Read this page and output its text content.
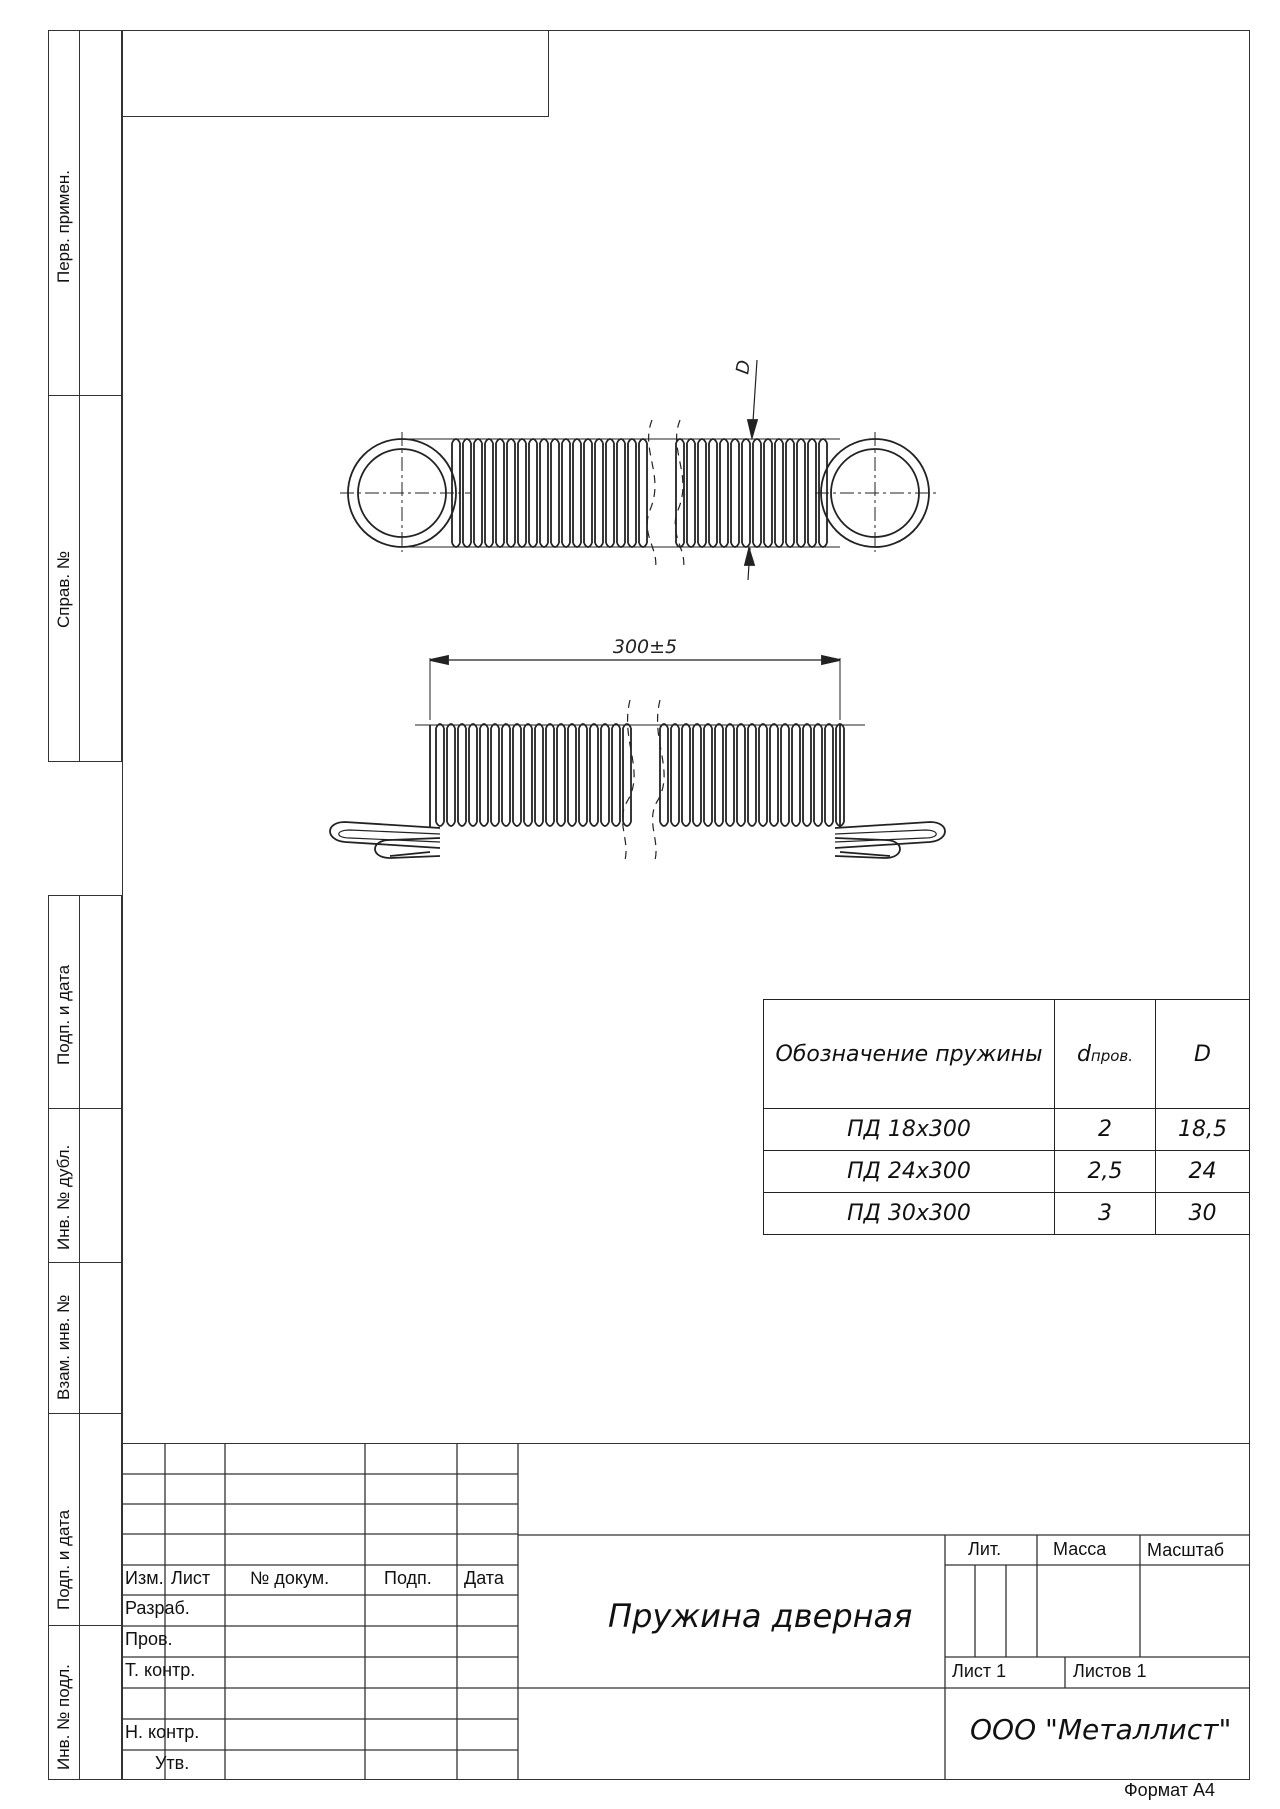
Перв. примен.
Справ. №
Подп. и дата
Инв. № дубл.
Взам. инв. №
Подп. и дата
Инв. № подл.
D
300±5
Обозначение пружины	dпров.	D
ПД 18х300	2	18,5
ПД 24х300	2,5	24
ПД 30х300	3	30
Изм. Лист № докум.	Подп. Дата
Разраб.
Пров.
Т. контр.
Н. контр.
Утв.
Пружина дверная
Лит.	Масса Масштаб
Лист 1	Листов 1
ООО "Металлист"
Формат А4
